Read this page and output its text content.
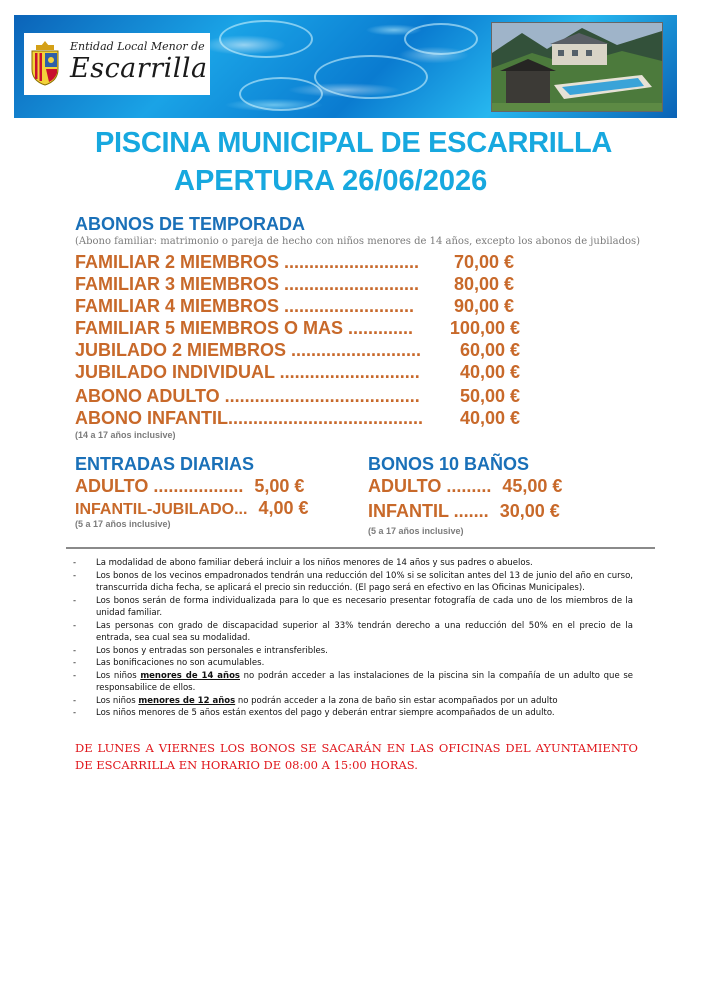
Entidad Local Menor de
Escarrilla
PISCINA MUNICIPAL DE ESCARRILLA
APERTURA 26/06/2026
ABONOS DE TEMPORADA
(Abono familiar: matrimonio o pareja de hecho con niños menores de 14 años, excepto los abonos de jubilados)
FAMILIAR 2 MIEMBROS ........................... 70,00 €
FAMILIAR 3 MIEMBROS ........................... 80,00 €
FAMILIAR 4 MIEMBROS .......................... 90,00 €
FAMILIAR 5 MIEMBROS O MAS ............. 100,00 €
JUBILADO 2 MIEMBROS .......................... 60,00 €
JUBILADO INDIVIDUAL ............................ 40,00 €
ABONO ADULTO ....................................... 50,00 €
ABONO INFANTIL....................................... 40,00 €
(14 a 17 años inclusive)
ENTRADAS DIARIAS
ADULTO .................. 5,00 €
INFANTIL-JUBILADO... 4,00 €
(5 a 17 años inclusive)
BONOS 10 BAÑOS
ADULTO ......... 45,00 €
INFANTIL ....... 30,00 €
(5 a 17 años inclusive)
- La modalidad de abono familiar deberá incluir a los niños menores de 14 años y sus padres o abuelos.
- Los bonos de los vecinos empadronados tendrán una reducción del 10% si se solicitan antes del 13 de junio del año en curso, transcurrida dicha fecha, se aplicará el precio sin reducción. (El pago será en efectivo en las Oficinas Municipales).
- Los bonos serán de forma individualizada para lo que es necesario presentar fotografía de cada uno de los miembros de la unidad familiar.
- Las personas con grado de discapacidad superior al 33% tendrán derecho a una reducción del 50% en el precio de la entrada, sea cual sea su modalidad.
- Los bonos y entradas son personales e intransferibles.
- Las bonificaciones no son acumulables.
- Los niños menores de 14 años no podrán acceder a las instalaciones de la piscina sin la compañía de un adulto que se responsabilice de ellos.
- Los niños menores de 12 años no podrán acceder a la zona de baño sin estar acompañados por un adulto
- Los niños menores de 5 años están exentos del pago y deberán entrar siempre acompañados de un adulto.
DE LUNES A VIERNES LOS BONOS SE SACARÁN EN LAS OFICINAS DEL AYUNTAMIENTO DE ESCARRILLA EN HORARIO DE 08:00 A 15:00 HORAS.
